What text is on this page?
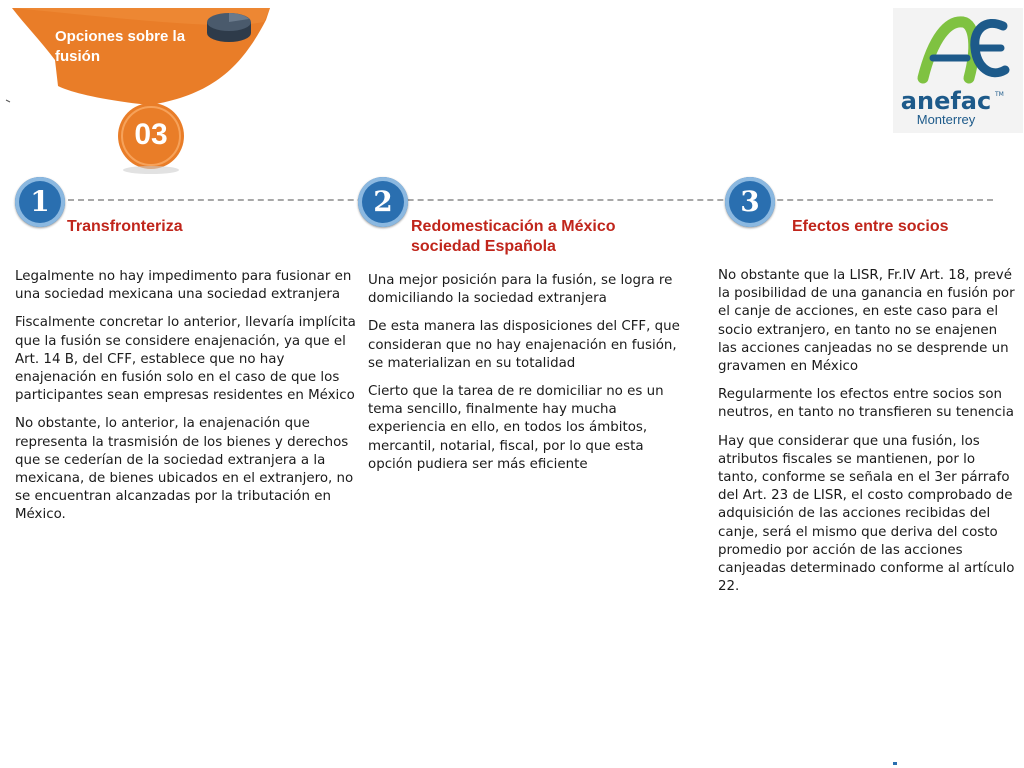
Opciones sobre la fusión
03
anefac TM
Monterrey
1	2	3
Transfronteriza	Redomesticación a México sociedad Española
Efectos entre socios

Legalmente no hay impedimento para fusionar en una sociedad mexicana una sociedad extranjera

Fiscalmente concretar lo anterior, llevaría implícita que la fusión se considere enajenación, ya que el Art. 14 B, del CFF, establece que no hay enajenación en fusión solo en el caso de que los participantes sean empresas residentes en México

No obstante, lo anterior, la enajenación que representa la trasmisión de los bienes y derechos que se cederían de la sociedad extranjera a la mexicana, de bienes ubicados en el extranjero, no se encuentran alcanzadas por la tributación en México.

Una mejor posición para la fusión, se logra re domiciliando la sociedad extranjera

De esta manera las disposiciones del CFF, que consideran que no hay enajenación en fusión, se materializan en su totalidad

Cierto que la tarea de re domiciliar no es un tema sencillo, finalmente hay mucha experiencia en ello, en todos los ámbitos, mercantil, notarial, fiscal, por lo que esta opción pudiera ser más eficiente

No obstante que la LISR, Fr.IV Art. 18, prevé la posibilidad de una ganancia en fusión por el canje de acciones, en este caso para el socio extranjero, en tanto no se enajenen las acciones canjeadas no se desprende un gravamen en México

Regularmente los efectos entre socios son neutros, en tanto no transfieren su tenencia

Hay que considerar que una fusión, los atributos fiscales se mantienen, por lo tanto, conforme se señala en el 3er párrafo del Art. 23 de LISR, el costo comprobado de adquisición de las acciones recibidas del canje, será el mismo que deriva del costo promedio por acción de las acciones canjeadas determinado conforme al artículo 22.
